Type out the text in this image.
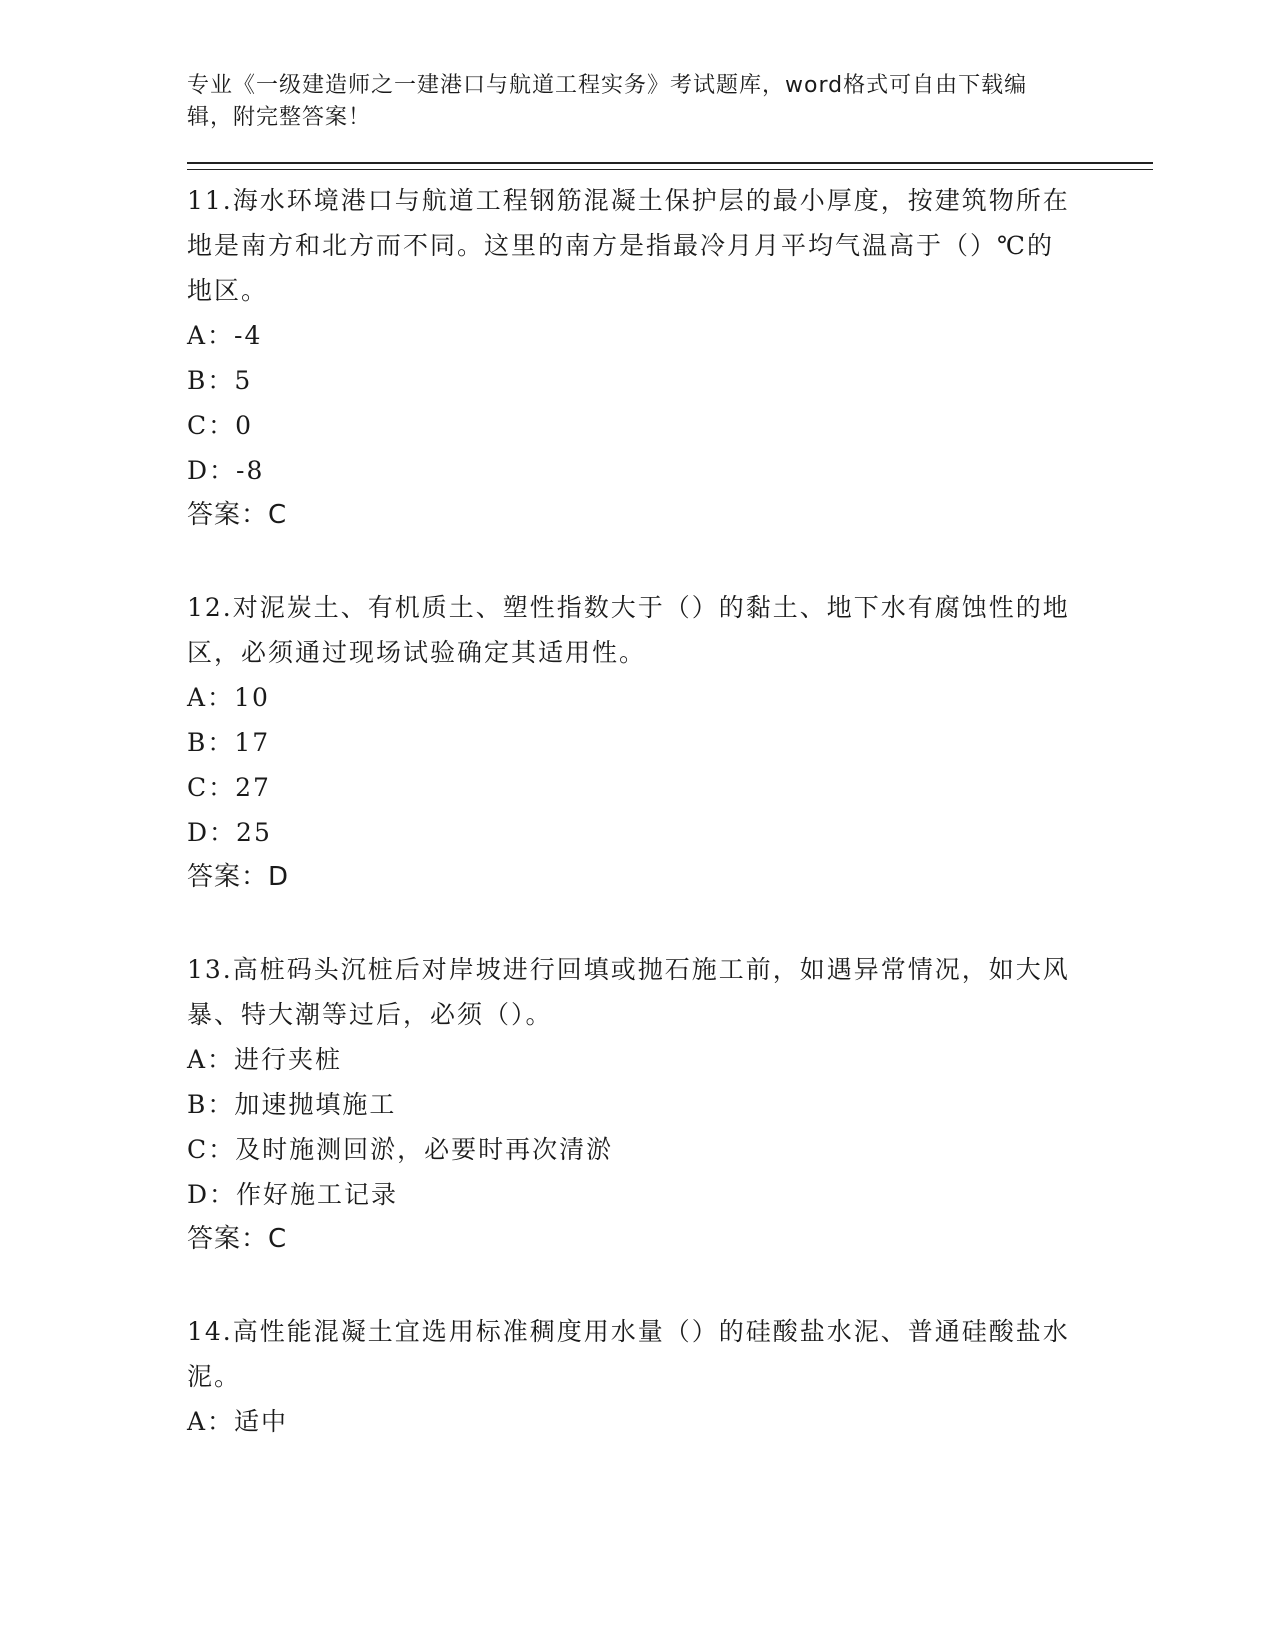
专业《一级建造师之一建港口与航道工程实务》考试题库，word格式可自由下载编辑，附完整答案！

11.海水环境港口与航道工程钢筋混凝土保护层的最小厚度，按建筑物所在地是南方和北方而不同。这里的南方是指最冷月月平均气温高于（）℃的地区。

A：-4

B：5

C：0

D：-8

答案：C

12.对泥炭土、有机质土、塑性指数大于（）的黏土、地下水有腐蚀性的地区，必须通过现场试验确定其适用性。

A：10

B：17

C：27

D：25

答案：D

13.高桩码头沉桩后对岸坡进行回填或抛石施工前，如遇异常情况，如大风暴、特大潮等过后，必须（）。

A：进行夹桩

B：加速抛填施工

C：及时施测回淤，必要时再次清淤

D：作好施工记录

答案：C

14.高性能混凝土宜选用标准稠度用水量（）的硅酸盐水泥、普通硅酸盐水泥。

A：适中
